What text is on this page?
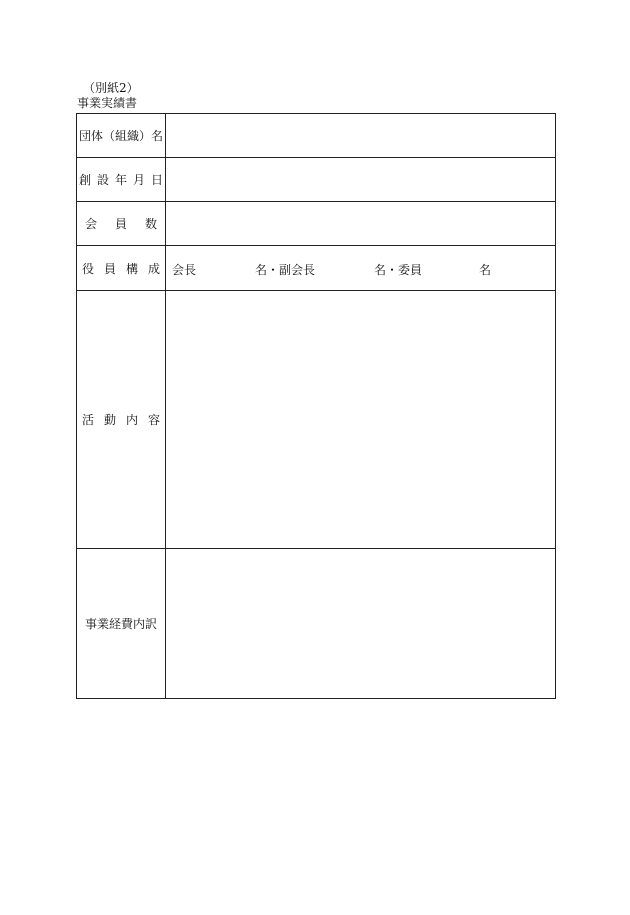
（別紙2）
事業実績書
団体（組織）名	
創設年月日	
会員数	
役員構成	会長 名・副会長 名・委員 名

活動内容	
事業経費内訳	
